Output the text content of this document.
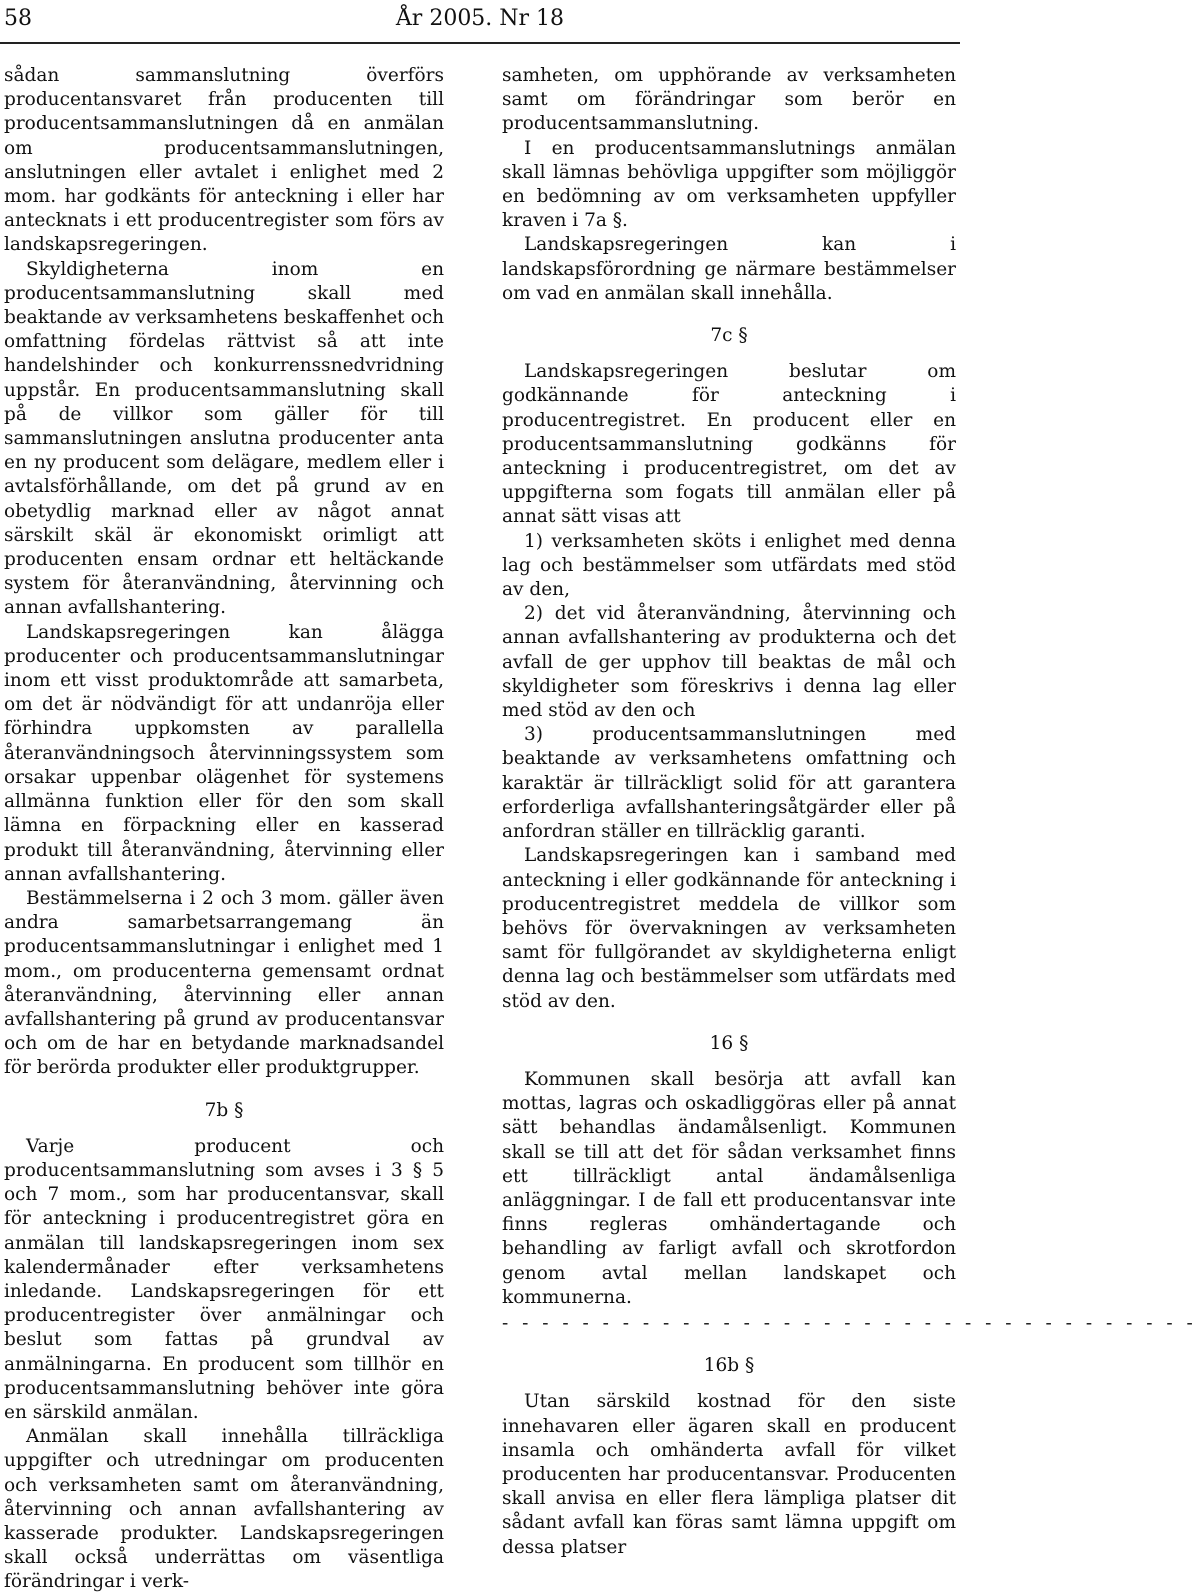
58	År 2005. Nr 18

sådan sammanslutning överförs producentansvaret från producenten till producentsammanslutningen då en anmälan om producentsammanslutningen, anslutningen eller avtalet i enlighet med 2 mom. har godkänts för anteckning i eller har antecknats i ett producentregister som förs av landskapsregeringen.

Skyldigheterna inom en producentsammanslutning skall med beaktande av verksamhetens beskaffenhet och omfattning fördelas rättvist så att inte handelshinder och konkurrenssnedvridning uppstår. En producentsammanslutning skall på de villkor som gäller för till sammanslutningen anslutna producenter anta en ny producent som delägare, medlem eller i avtalsförhållande, om det på grund av en obetydlig marknad eller av något annat särskilt skäl är ekonomiskt orimligt att producenten ensam ordnar ett heltäckande system för återanvändning, återvinning och annan avfallshantering.

Landskapsregeringen kan ålägga producenter och producentsammanslutningar inom ett visst produktområde att samarbeta, om det är nödvändigt för att undanröja eller förhindra uppkomsten av parallella återanvändningsoch återvinningssystem som orsakar uppenbar olägenhet för systemens allmänna funktion eller för den som skall lämna en förpackning eller en kasserad produkt till återanvändning, återvinning eller annan avfallshantering.

Bestämmelserna i 2 och 3 mom. gäller även andra samarbetsarrangemang än producentsammanslutningar i enlighet med 1 mom., om producenterna gemensamt ordnat återanvändning, återvinning eller annan avfallshantering på grund av producentansvar och om de har en betydande marknadsandel för berörda produkter eller produktgrupper.

7b §

Varje producent och producentsammanslutning som avses i 3 § 5 och 7 mom., som har producentansvar, skall för anteckning i producentregistret göra en anmälan till landskapsregeringen inom sex kalendermånader efter verksamhetens inledande. Landskapsregeringen för ett producentregister över anmälningar och beslut som fattas på grundval av anmälningarna. En producent som tillhör en producentsammanslutning behöver inte göra en särskild anmälan.

Anmälan skall innehålla tillräckliga uppgifter och utredningar om producenten och verksamheten samt om återanvändning, återvinning och annan avfallshantering av kasserade produkter. Landskapsregeringen skall också underrättas om väsentliga förändringar i verk-

samheten, om upphörande av verksamheten samt om förändringar som berör en producentsammanslutning.

I en producentsammanslutnings anmälan skall lämnas behövliga uppgifter som möjliggör en bedömning av om verksamheten uppfyller kraven i 7a §.

Landskapsregeringen kan i landskapsförordning ge närmare bestämmelser om vad en anmälan skall innehålla.

7c §

Landskapsregeringen beslutar om godkännande för anteckning i producentregistret. En producent eller en producentsammanslutning godkänns för anteckning i producentregistret, om det av uppgifterna som fogats till anmälan eller på annat sätt visas att

1) verksamheten sköts i enlighet med denna lag och bestämmelser som utfärdats med stöd av den,

2) det vid återanvändning, återvinning och annan avfallshantering av produkterna och det avfall de ger upphov till beaktas de mål och skyldigheter som föreskrivs i denna lag eller med stöd av den och

3) producentsammanslutningen med beaktande av verksamhetens omfattning och karaktär är tillräckligt solid för att garantera erforderliga avfallshanteringsåtgärder eller på anfordran ställer en tillräcklig garanti.

Landskapsregeringen kan i samband med anteckning i eller godkännande för anteckning i producentregistret meddela de villkor som behövs för övervakningen av verksamheten samt för fullgörandet av skyldigheterna enligt denna lag och bestämmelser som utfärdats med stöd av den.

16 §

Kommunen skall besörja att avfall kan mottas, lagras och oskadliggöras eller på annat sätt behandlas ändamålsenligt. Kommunen skall se till att det för sådan verksamhet finns ett tillräckligt antal ändamålsenliga anläggningar. I de fall ett producentansvar inte finns regleras omhändertagande och behandling av farligt avfall och skrotfordon genom avtal mellan landskapet och kommunerna.

- - - - - - - - - - - - - - - - - - - - - - - - - - - - - - - - - - -
16b §

Utan särskild kostnad för den siste innehavaren eller ägaren skall en producent insamla och omhänderta avfall för vilket producenten har producentansvar. Producenten skall anvisa en eller flera lämpliga platser dit sådant avfall kan föras samt lämna uppgift om dessa platser
